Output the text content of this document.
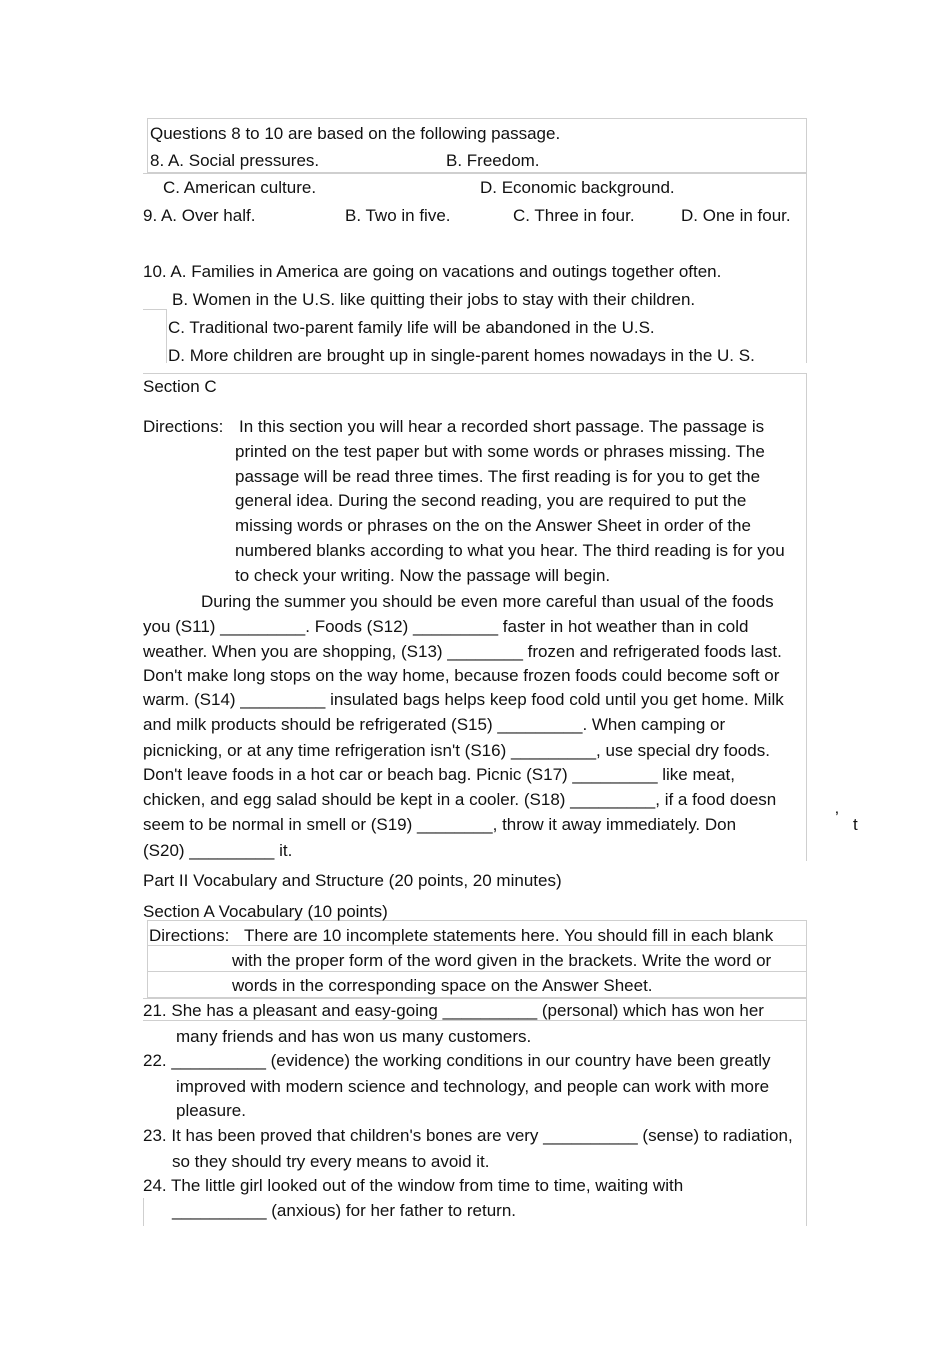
Questions 8 to 10 are based on the following passage.
8. A. Social pressures.	B. Freedom.
C. American culture.	D. Economic background.
9. A. Over half.	B. Two in five.	C. Three in four.	D. One in four.
10. A. Families in America are going on vacations and outings together often.
B. Women in the U.S. like quitting their jobs to stay with their children.
C. Traditional two-parent family life will be abandoned in the U.S.
D. More children are brought up in single-parent homes nowadays in the U. S.
Section C
Directions: In this section you will hear a recorded short passage. The passage is
printed on the test paper but with some words or phrases missing. The
passage will be read three times. The first reading is for you to get the
general idea. During the second reading, you are required to put the
missing words or phrases on the on the Answer Sheet in order of the
numbered blanks according to what you hear. The third reading is for you
to check your writing. Now the passage will begin.
During the summer you should be even more careful than usual of the foods
you (S11) _________. Foods (S12) _________ faster in hot weather than in cold
weather. When you are shopping, (S13) ________ frozen and refrigerated foods last.
Don't make long stops on the way home, because frozen foods could become soft or
warm. (S14) _________ insulated bags helps keep food cold until you get home. Milk
and milk products should be refrigerated (S15) _________. When camping or
picnicking, or at any time refrigeration isn't (S16) _________, use special dry foods.
Don't leave foods in a hot car or beach bag. Picnic (S17) _________ like meat,
chicken, and egg salad should be kept in a cooler. (S18) _________, if a food doesn
seem to be normal in smell or (S19) ________, throw it away immediately. Don	’ t
(S20) _________ it.
Part II Vocabulary and Structure (20 points, 20 minutes)
Section A Vocabulary (10 points)
Directions: There are 10 incomplete statements here. You should fill in each blank
with the proper form of the word given in the brackets. Write the word or
words in the corresponding space on the Answer Sheet.
21. She has a pleasant and easy-going __________ (personal) which has won her
many friends and has won us many customers.
22. __________ (evidence) the working conditions in our country have been greatly
improved with modern science and technology, and people can work with more
pleasure.
23. It has been proved that children's bones are very __________ (sense) to radiation,
so they should try every means to avoid it.
24. The little girl looked out of the window from time to time, waiting with
__________ (anxious) for her father to return.
